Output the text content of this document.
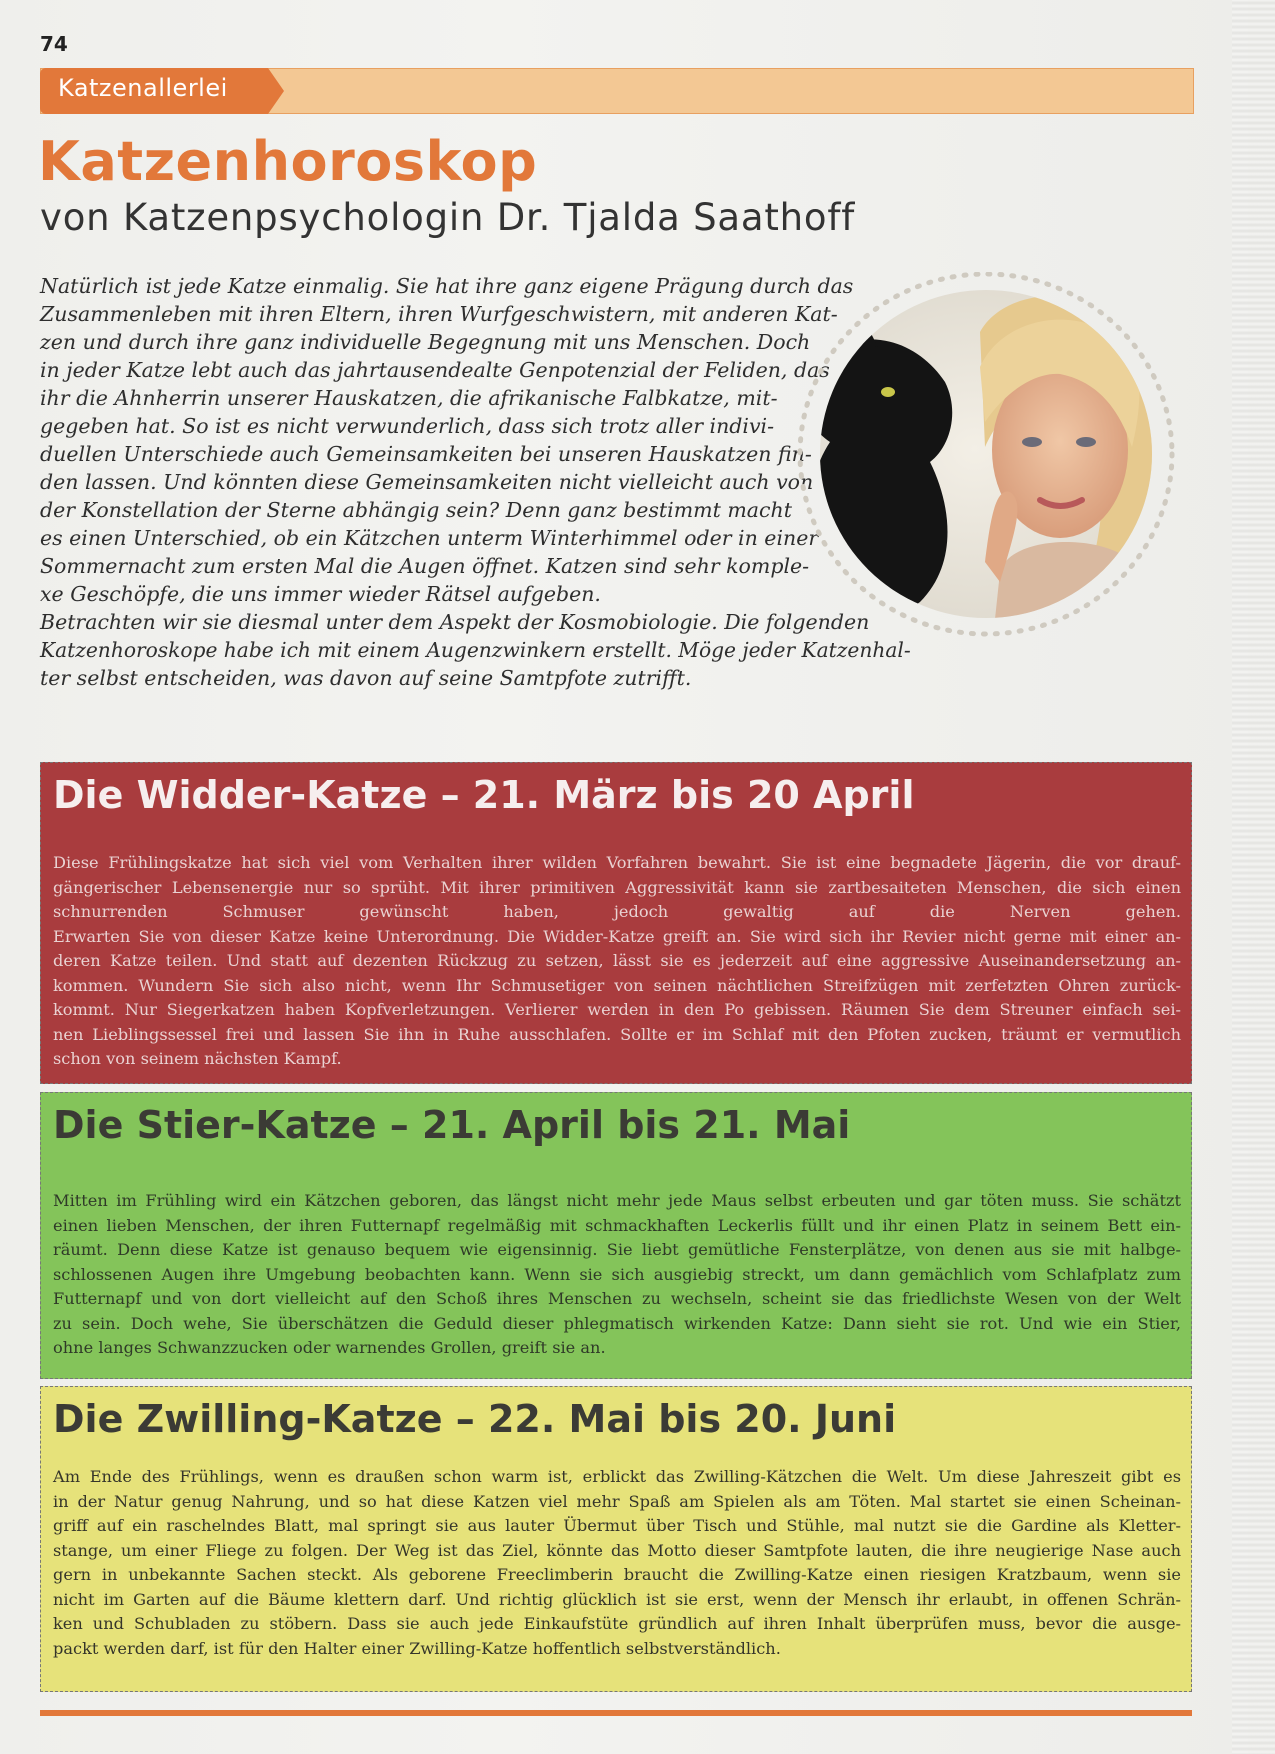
74
Katzenallerlei
Katzenhoroskop
von Katzenpsychologin Dr. Tjalda Saathoff
Natürlich ist jede Katze einmalig. Sie hat ihre ganz eigene Prägung durch das
Zusammenleben mit ihren Eltern, ihren Wurfgeschwistern, mit anderen Kat-
zen und durch ihre ganz individuelle Begegnung mit uns Menschen. Doch
in jeder Katze lebt auch das jahrtausendealte Genpotenzial der Feliden, das
ihr die Ahnherrin unserer Hauskatzen, die afrikanische Falbkatze, mit-
gegeben hat. So ist es nicht verwunderlich, dass sich trotz aller indivi-
duellen Unterschiede auch Gemeinsamkeiten bei unseren Hauskatzen fin-
den lassen. Und könnten diese Gemeinsamkeiten nicht vielleicht auch von
der Konstellation der Sterne abhängig sein? Denn ganz bestimmt macht
es einen Unterschied, ob ein Kätzchen unterm Winterhimmel oder in einer
Sommernacht zum ersten Mal die Augen öffnet. Katzen sind sehr komple-
xe Geschöpfe, die uns immer wieder Rätsel aufgeben.
Betrachten wir sie diesmal unter dem Aspekt der Kosmobiologie. Die folgenden
Katzenhoroskope habe ich mit einem Augenzwinkern erstellt. Möge jeder Katzenhal-
ter selbst entscheiden, was davon auf seine Samtpfote zutrifft.
Die Widder-Katze – 21. März bis 20 April
Diese Frühlingskatze hat sich viel vom Verhalten ihrer wilden Vorfahren bewahrt. Sie ist eine begnadete Jägerin, die vor drauf-
gängerischer Lebensenergie nur so sprüht. Mit ihrer primitiven Aggressivität kann sie zartbesaiteten Menschen, die sich einen
schnurrenden Schmuser gewünscht haben, jedoch gewaltig auf die Nerven gehen.
Erwarten Sie von dieser Katze keine Unterordnung. Die Widder-Katze greift an. Sie wird sich ihr Revier nicht gerne mit einer an-
deren Katze teilen. Und statt auf dezenten Rückzug zu setzen, lässt sie es jederzeit auf eine aggressive Auseinandersetzung an-
kommen. Wundern Sie sich also nicht, wenn Ihr Schmusetiger von seinen nächtlichen Streifzügen mit zerfetzten Ohren zurück-
kommt. Nur Siegerkatzen haben Kopfverletzungen. Verlierer werden in den Po gebissen. Räumen Sie dem Streuner einfach sei-
nen Lieblingssessel frei und lassen Sie ihn in Ruhe ausschlafen. Sollte er im Schlaf mit den Pfoten zucken, träumt er vermutlich
schon von seinem nächsten Kampf.
Die Stier-Katze – 21. April bis 21. Mai
Mitten im Frühling wird ein Kätzchen geboren, das längst nicht mehr jede Maus selbst erbeuten und gar töten muss. Sie schätzt
einen lieben Menschen, der ihren Futternapf regelmäßig mit schmackhaften Leckerlis füllt und ihr einen Platz in seinem Bett ein-
räumt. Denn diese Katze ist genauso bequem wie eigensinnig. Sie liebt gemütliche Fensterplätze, von denen aus sie mit halbge-
schlossenen Augen ihre Umgebung beobachten kann. Wenn sie sich ausgiebig streckt, um dann gemächlich vom Schlafplatz zum
Futternapf und von dort vielleicht auf den Schoß ihres Menschen zu wechseln, scheint sie das friedlichste Wesen von der Welt
zu sein. Doch wehe, Sie überschätzen die Geduld dieser phlegmatisch wirkenden Katze: Dann sieht sie rot. Und wie ein Stier,
ohne langes Schwanzzucken oder warnendes Grollen, greift sie an.
Die Zwilling-Katze – 22. Mai bis 20. Juni
Am Ende des Frühlings, wenn es draußen schon warm ist, erblickt das Zwilling-Kätzchen die Welt. Um diese Jahreszeit gibt es
in der Natur genug Nahrung, und so hat diese Katzen viel mehr Spaß am Spielen als am Töten. Mal startet sie einen Scheinan-
griff auf ein raschelndes Blatt, mal springt sie aus lauter Übermut über Tisch und Stühle, mal nutzt sie die Gardine als Kletter-
stange, um einer Fliege zu folgen. Der Weg ist das Ziel, könnte das Motto dieser Samtpfote lauten, die ihre neugierige Nase auch
gern in unbekannte Sachen steckt. Als geborene Freeclimberin braucht die Zwilling-Katze einen riesigen Kratzbaum, wenn sie
nicht im Garten auf die Bäume klettern darf. Und richtig glücklich ist sie erst, wenn der Mensch ihr erlaubt, in offenen Schrän-
ken und Schubladen zu stöbern. Dass sie auch jede Einkaufstüte gründlich auf ihren Inhalt überprüfen muss, bevor die ausge-
packt werden darf, ist für den Halter einer Zwilling-Katze hoffentlich selbstverständlich.
